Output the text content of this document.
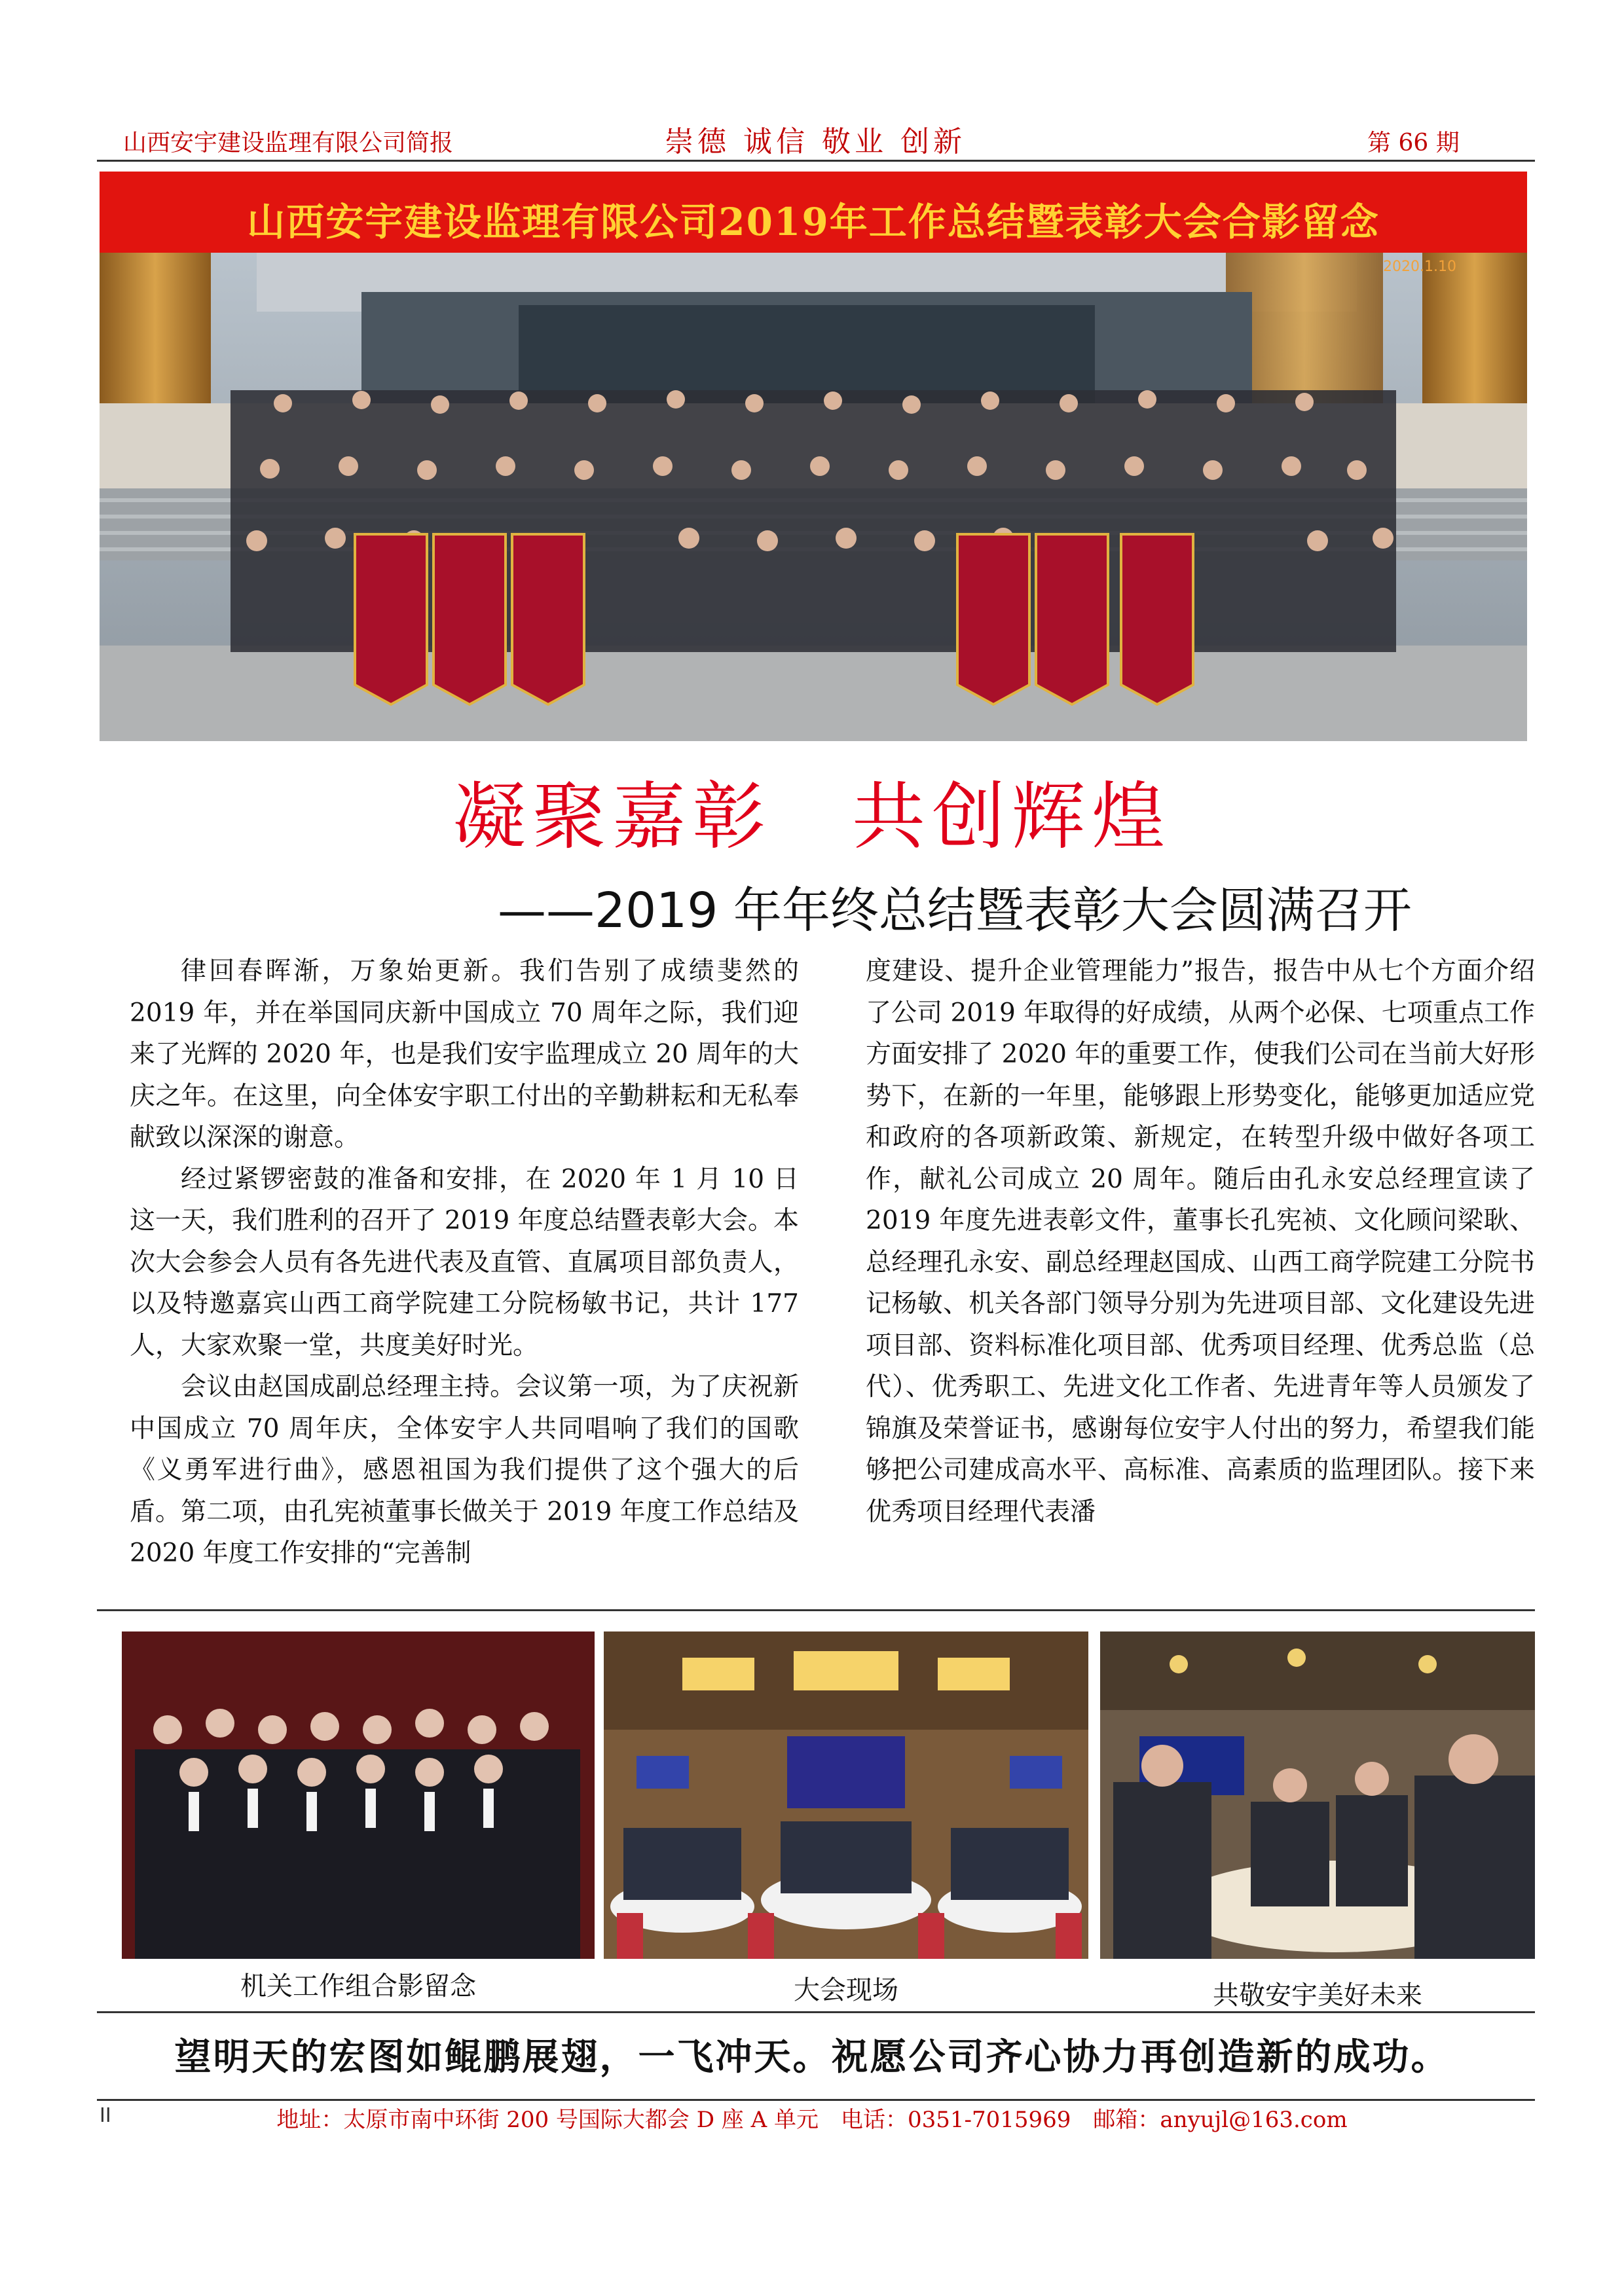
山西安宇建设监理有限公司简报	崇德 诚信 敬业 创新	第 66 期
山西安宇建设监理有限公司2019年工作总结暨表彰大会合影留念
2020.1.10
凝聚嘉彰　共创辉煌
——2019 年年终总结暨表彰大会圆满召开

律回春晖渐，万象始更新。我们告别了成绩斐然的 2019 年，并在举国同庆新中国成立 70 周年之际，我们迎来了光辉的 2020 年，也是我们安宇监理成立 20 周年的大庆之年。在这里，向全体安宇职工付出的辛勤耕耘和无私奉献致以深深的谢意。

经过紧锣密鼓的准备和安排，在 2020 年 1 月 10 日这一天，我们胜利的召开了 2019 年度总结暨表彰大会。本次大会参会人员有各先进代表及直管、直属项目部负责人，以及特邀嘉宾山西工商学院建工分院杨敏书记，共计 177 人，大家欢聚一堂，共度美好时光。

会议由赵国成副总经理主持。会议第一项，为了庆祝新中国成立 70 周年庆，全体安宇人共同唱响了我们的国歌《义勇军进行曲》，感恩祖国为我们提供了这个强大的后盾。第二项，由孔宪祯董事长做关于 2019 年度工作总结及 2020 年度工作安排的“完善制

度建设、提升企业管理能力”报告，报告中从七个方面介绍了公司 2019 年取得的好成绩，从两个必保、七项重点工作方面安排了 2020 年的重要工作，使我们公司在当前大好形势下，在新的一年里，能够跟上形势变化，能够更加适应党和政府的各项新政策、新规定，在转型升级中做好各项工作，献礼公司成立 20 周年。随后由孔永安总经理宣读了 2019 年度先进表彰文件，董事长孔宪祯、文化顾问梁耿、总经理孔永安、副总经理赵国成、山西工商学院建工分院书记杨敏、机关各部门领导分别为先进项目部、文化建设先进项目部、资料标准化项目部、优秀项目经理、优秀总监（总代）、优秀职工、先进文化工作者、先进青年等人员颁发了锦旗及荣誉证书，感谢每位安宇人付出的努力，希望我们能够把公司建成高水平、高标准、高素质的监理团队。接下来优秀项目经理代表潘

机关工作组合影留念	大会现场	共敬安宇美好未来
望明天的宏图如鲲鹏展翅，一飞冲天。祝愿公司齐心协力再创造新的成功。
II	地址：太原市南中环街 200 号国际大都会 D 座 A 单元　电话：0351-7015969　邮箱：anyujl@163.com
